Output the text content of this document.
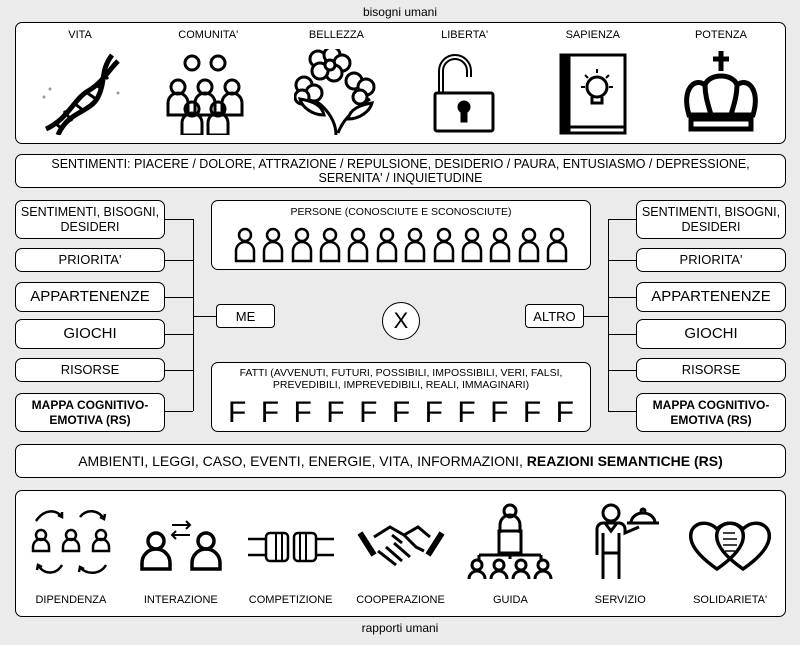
bisogni umani
VITA	COMUNITA'	BELLEZZA	LIBERTA'	SAPIENZA	POTENZA
SENTIMENTI: PIACERE / DOLORE, ATTRAZIONE / REPULSIONE, DESIDERIO / PAURA, ENTUSIASMO / DEPRESSIONE, SERENITA' / INQUIETUDINE
SENTIMENTI, BISOGNI, DESIDERI
PRIORITA'
APPARTENENZE
GIOCHI
RISORSE
MAPPA COGNITIVO-EMOTIVA (RS)
ME	X	ALTRO
SENTIMENTI, BISOGNI, DESIDERI
PRIORITA'
APPARTENENZE
GIOCHI
RISORSE
MAPPA COGNITIVO-EMOTIVA (RS)
PERSONE (CONOSCIUTE E SCONOSCIUTE)
FATTI (AVVENUTI, FUTURI, POSSIBILI, IMPOSSIBILI, VERI, FALSI, PREVEDIBILI, IMPREVEDIBILI, REALI, IMMAGINARI)
F F F F F F F F F F F
AMBIENTI, LEGGI, CASO, EVENTI, ENERGIE, VITA, INFORMAZIONI,
REAZIONI SEMANTICHE (RS)
DIPENDENZA	INTERAZIONE	COMPETIZIONE	COOPERAZIONE	GUIDA	SERVIZIO	SOLIDARIETA'
rapporti umani
